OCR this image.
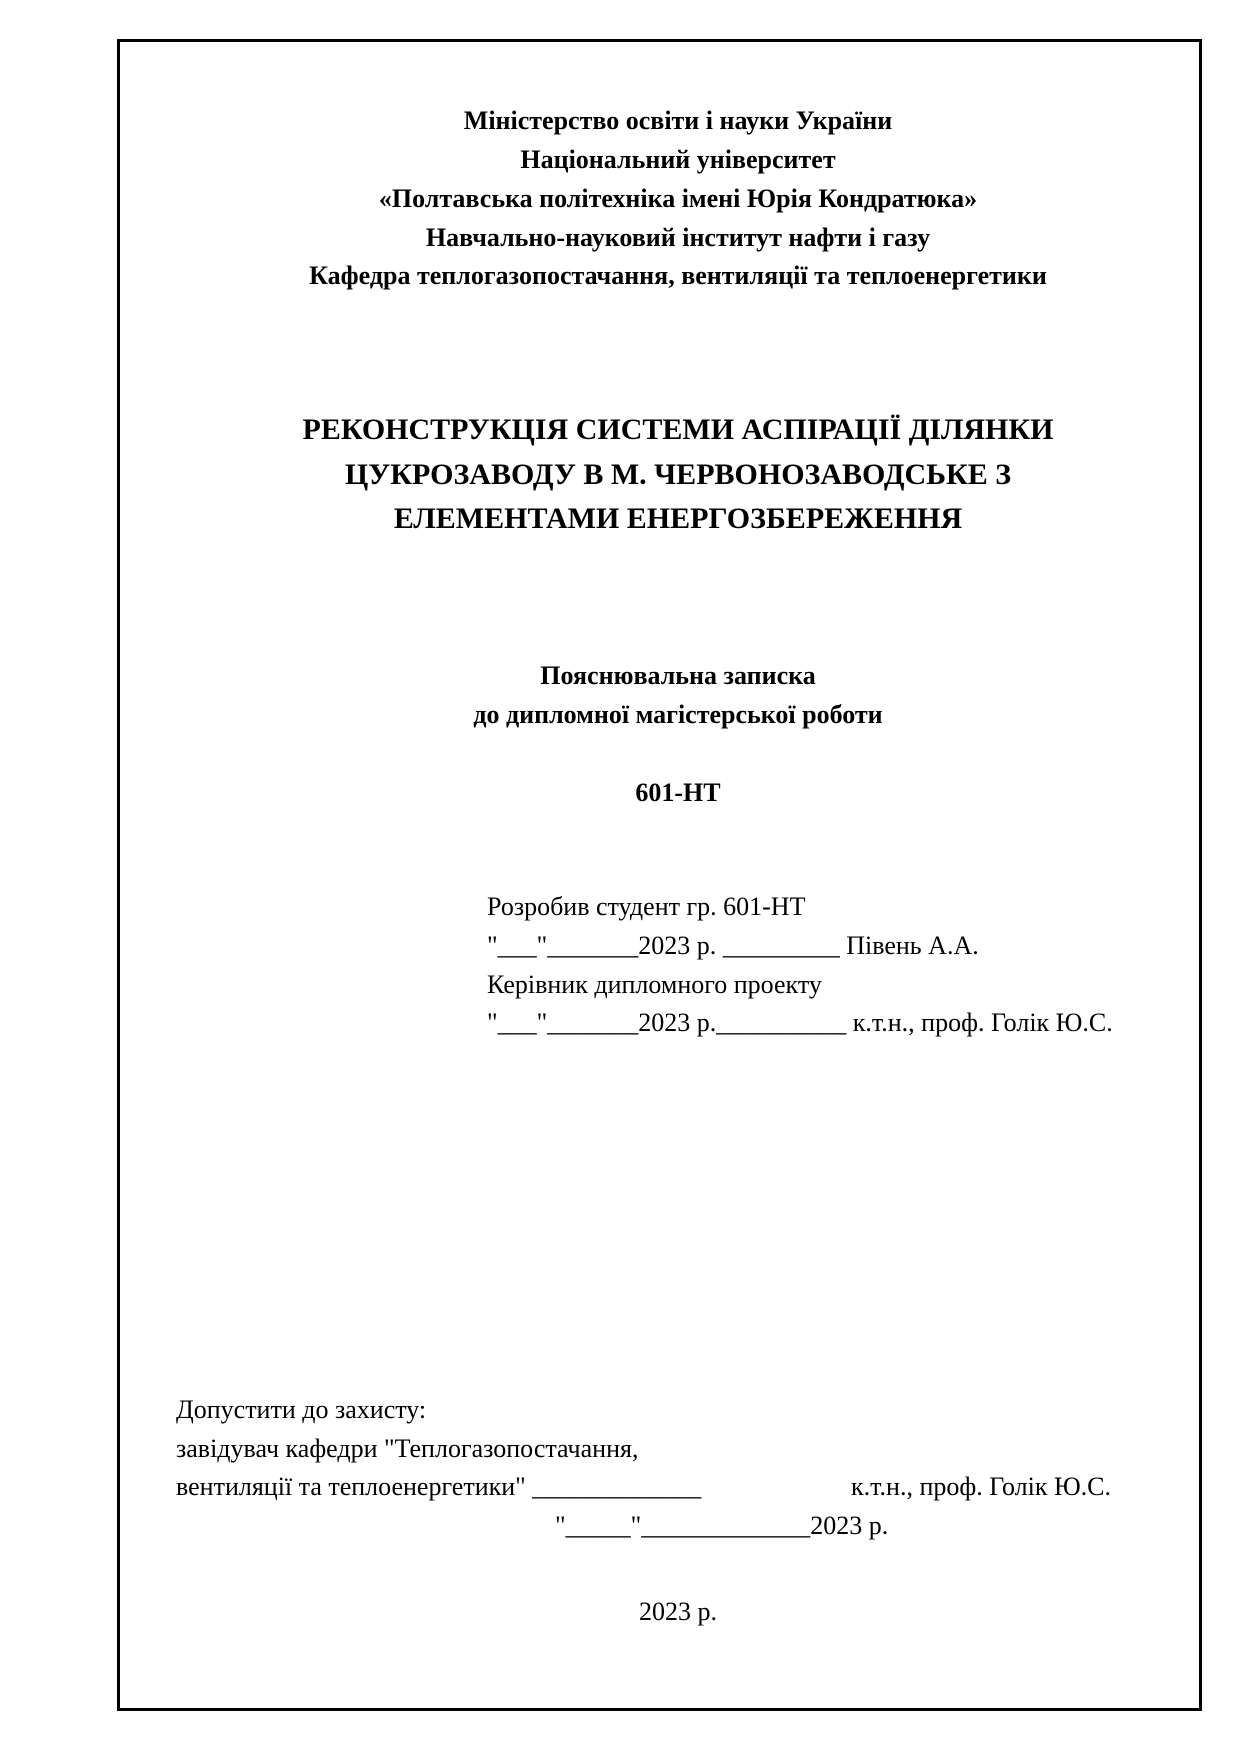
Міністерство освіти і науки України
Національний університет
«Полтавська політехніка імені Юрія Кондратюка»
Навчально-науковий інститут нафти і газу
Кафедра теплогазопостачання, вентиляції та теплоенергетики
РЕКОНСТРУКЦІЯ СИСТЕМИ АСПІРАЦІЇ ДІЛЯНКИ
ЦУКРОЗАВОДУ В М. ЧЕРВОНОЗАВОДСЬКЕ З
ЕЛЕМЕНТАМИ ЕНЕРГОЗБЕРЕЖЕННЯ
Пояснювальна записка
до дипломної магістерської роботи
601-НТ
Розробив студент гр. 601-НТ
"___"_______2023 р. _________ Півень А.А.
Керівник дипломного проекту
"___"_______2023 р.__________ к.т.н., проф. Голік Ю.С.
Допустити до захисту:
завідувач кафедри "Теплогазопостачання,
вентиляції та теплоенергетики" _____________	к.т.н., проф. Голік Ю.С.
"_____"_____________2023 р.
2023 р.
